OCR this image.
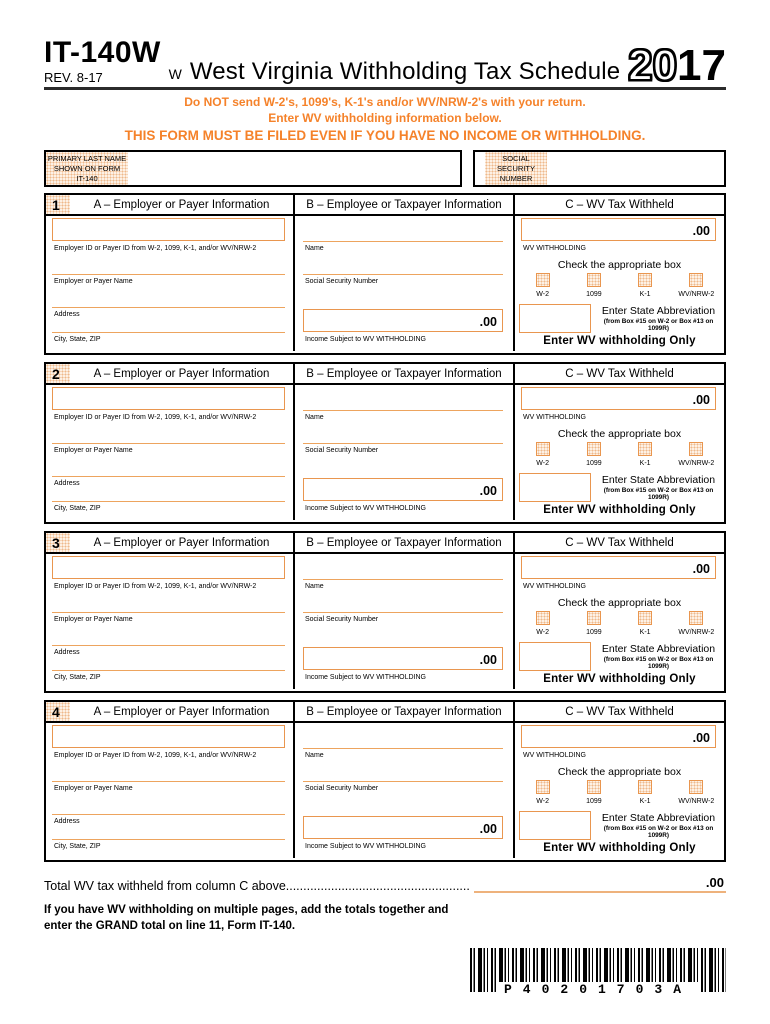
IT-140W
REV. 8-17	W West Virginia Withholding Tax Schedule 2017
Do NOT send W-2's, 1099's, K-1's and/or WV/NRW-2's with your return.
Enter WV withholding information below.
THIS FORM MUST BE FILED EVEN IF YOU HAVE NO INCOME OR WITHHOLDING.
PRIMARY LAST NAME
SHOWN ON FORM
IT-140
SOCIAL
SECURITY
NUMBER
1	A – Employer or Payer Information	B – Employee or Taxpayer Information	C – WV Tax Withheld
Employer ID or Payer ID from W-2, 1099, K-1, and/or WV/NRW-2
Employer or Payer Name
Address
City, State, ZIP
Name
Social Security Number
.00
Income Subject to WV WITHHOLDING
.00
WV WITHHOLDING
Check the appropriate box
W-2	1099	K-1	WV/NRW-2
Enter State Abbreviation
(from Box #15 on W-2 or Box #13 on 1099R)
Enter WV withholding Only
2	A – Employer or Payer Information	B – Employee or Taxpayer Information	C – WV Tax Withheld
Employer ID or Payer ID from W-2, 1099, K-1, and/or WV/NRW-2
Employer or Payer Name
Address
City, State, ZIP
Name
Social Security Number
.00
Income Subject to WV WITHHOLDING
.00
WV WITHHOLDING
Check the appropriate box
W-2	1099	K-1	WV/NRW-2
Enter State Abbreviation
(from Box #15 on W-2 or Box #13 on 1099R)
Enter WV withholding Only
3	A – Employer or Payer Information	B – Employee or Taxpayer Information	C – WV Tax Withheld
Employer ID or Payer ID from W-2, 1099, K-1, and/or WV/NRW-2
Employer or Payer Name
Address
City, State, ZIP
Name
Social Security Number
.00
Income Subject to WV WITHHOLDING
.00
WV WITHHOLDING
Check the appropriate box
W-2	1099	K-1	WV/NRW-2
Enter State Abbreviation
(from Box #15 on W-2 or Box #13 on 1099R)
Enter WV withholding Only
4	A – Employer or Payer Information	B – Employee or Taxpayer Information	C – WV Tax Withheld
Employer ID or Payer ID from W-2, 1099, K-1, and/or WV/NRW-2
Employer or Payer Name
Address
City, State, ZIP
Name
Social Security Number
.00
Income Subject to WV WITHHOLDING
.00
WV WITHHOLDING
Check the appropriate box
W-2	1099	K-1	WV/NRW-2
Enter State Abbreviation
(from Box #15 on W-2 or Box #13 on 1099R)
Enter WV withholding Only
Total WV tax withheld from column C above.....................................................	.00
If you have WV withholding on multiple pages, add the totals together and
enter the GRAND total on line 11, Form IT-140.
P40201703A
